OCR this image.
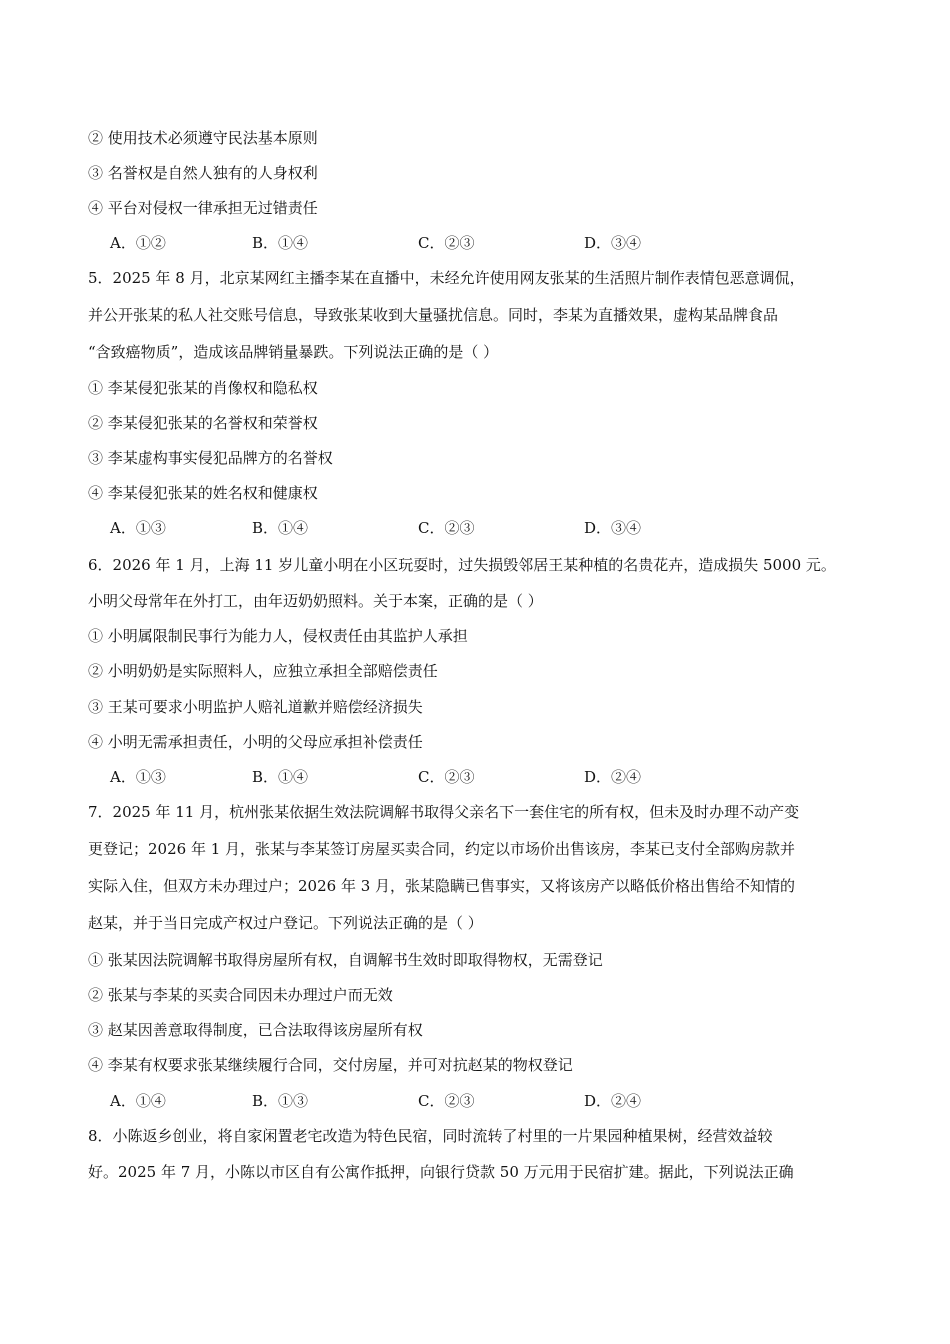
② 使用技术必须遵守民法基本原则
③ 名誉权是自然人独有的人身权利
④ 平台对侵权一律承担无过错责任
A．①②	B．①④	C．②③	D．③④
5．2025 年 8 月，北京某网红主播李某在直播中，未经允许使用网友张某的生活照片制作表情包恶意调侃，
并公开张某的私人社交账号信息，导致张某收到大量骚扰信息。同时，李某为直播效果，虚构某品牌食品
“含致癌物质”，造成该品牌销量暴跌。下列说法正确的是（ ）
① 李某侵犯张某的肖像权和隐私权
② 李某侵犯张某的名誉权和荣誉权
③ 李某虚构事实侵犯品牌方的名誉权
④ 李某侵犯张某的姓名权和健康权
A．①③	B．①④	C．②③	D．③④
6．2026 年 1 月，上海 11 岁儿童小明在小区玩耍时，过失损毁邻居王某种植的名贵花卉，造成损失 5000 元。
小明父母常年在外打工，由年迈奶奶照料。关于本案，正确的是（ ）
① 小明属限制民事行为能力人，侵权责任由其监护人承担
② 小明奶奶是实际照料人，应独立承担全部赔偿责任
③ 王某可要求小明监护人赔礼道歉并赔偿经济损失
④ 小明无需承担责任，小明的父母应承担补偿责任
A．①③	B．①④	C．②③	D．②④
7．2025 年 11 月，杭州张某依据生效法院调解书取得父亲名下一套住宅的所有权，但未及时办理不动产变
更登记；2026 年 1 月，张某与李某签订房屋买卖合同，约定以市场价出售该房，李某已支付全部购房款并
实际入住，但双方未办理过户；2026 年 3 月，张某隐瞒已售事实，又将该房产以略低价格出售给不知情的
赵某，并于当日完成产权过户登记。下列说法正确的是（ ）
① 张某因法院调解书取得房屋所有权，自调解书生效时即取得物权，无需登记
② 张某与李某的买卖合同因未办理过户而无效
③ 赵某因善意取得制度，已合法取得该房屋所有权
④ 李某有权要求张某继续履行合同，交付房屋，并可对抗赵某的物权登记
A．①④	B．①③	C．②③	D．②④
8．小陈返乡创业，将自家闲置老宅改造为特色民宿，同时流转了村里的一片果园种植果树，经营效益较
好。2025 年 7 月，小陈以市区自有公寓作抵押，向银行贷款 50 万元用于民宿扩建。据此，下列说法正确
